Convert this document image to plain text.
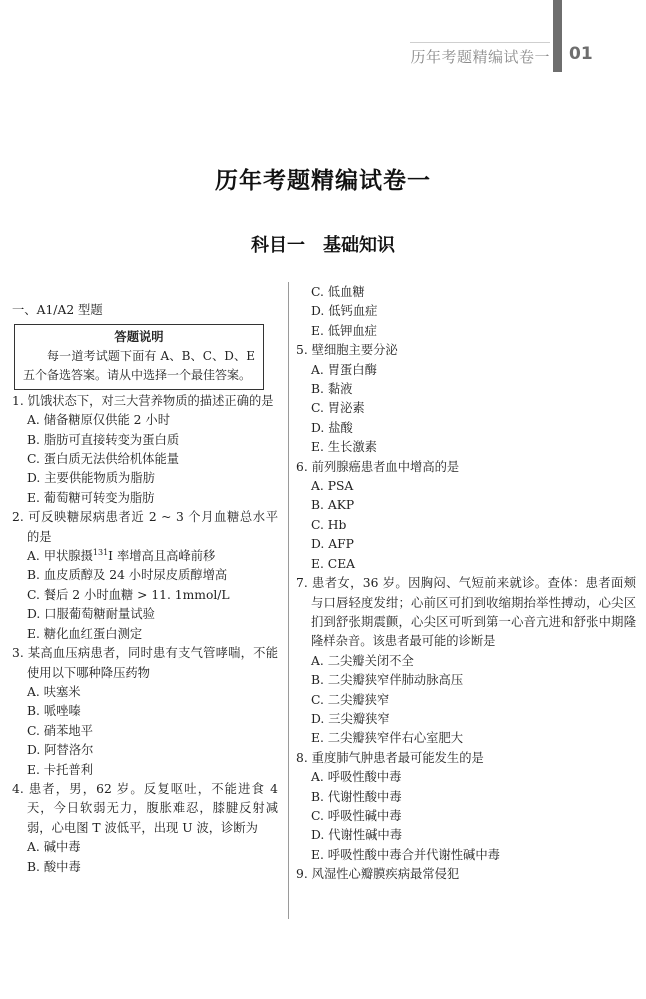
历年考题精编试卷一 01
历年考题精编试卷一
科目一　基础知识
一、A1/A2 型题
答题说明
每一道考试题下面有 A、B、C、D、E 五个备选答案。请从中选择一个最佳答案。
1. 饥饿状态下，对三大营养物质的描述正确的是
A. 储备糖原仅供能 2 小时
B. 脂肪可直接转变为蛋白质
C. 蛋白质无法供给机体能量
D. 主要供能物质为脂肪
E. 葡萄糖可转变为脂肪
2. 可反映糖尿病患者近 2 ~ 3 个月血糖总水平的是
A. 甲状腺摄$^{131}$I 率增高且高峰前移
B. 血皮质醇及 24 小时尿皮质醇增高
C. 餐后 2 小时血糖 > 11. 1mmol/L
D. 口服葡萄糖耐量试验
E. 糖化血红蛋白测定
3. 某高血压病患者，同时患有支气管哮喘，不能使用以下哪种降压药物
A. 呋塞米
B. 哌唑嗪
C. 硝苯地平
D. 阿替洛尔
E. 卡托普利
4. 患者，男，62 岁。反复呕吐，不能进食 4 天，今日软弱无力，腹胀难忍，膝腱反射减弱，心电图 T 波低平，出现 U 波，诊断为
A. 碱中毒
B. 酸中毒
C. 低血糖
D. 低钙血症
E. 低钾血症
5. 壁细胞主要分泌
A. 胃蛋白酶
B. 黏液
C. 胃泌素
D. 盐酸
E. 生长激素
6. 前列腺癌患者血中增高的是
A. PSA
B. AKP
C. Hb
D. AFP
E. CEA
7. 患者女，36 岁。因胸闷、气短前来就诊。查体：患者面颊与口唇轻度发绀；心前区可扪到收缩期抬举性搏动，心尖区扪到舒张期震颤，心尖区可听到第一心音亢进和舒张中期隆隆样杂音。该患者最可能的诊断是
A. 二尖瓣关闭不全
B. 二尖瓣狭窄伴肺动脉高压
C. 二尖瓣狭窄
D. 三尖瓣狭窄
E. 二尖瓣狭窄伴右心室肥大
8. 重度肺气肿患者最可能发生的是
A. 呼吸性酸中毒
B. 代谢性酸中毒
C. 呼吸性碱中毒
D. 代谢性碱中毒
E. 呼吸性酸中毒合并代谢性碱中毒
9. 风湿性心瓣膜疾病最常侵犯
